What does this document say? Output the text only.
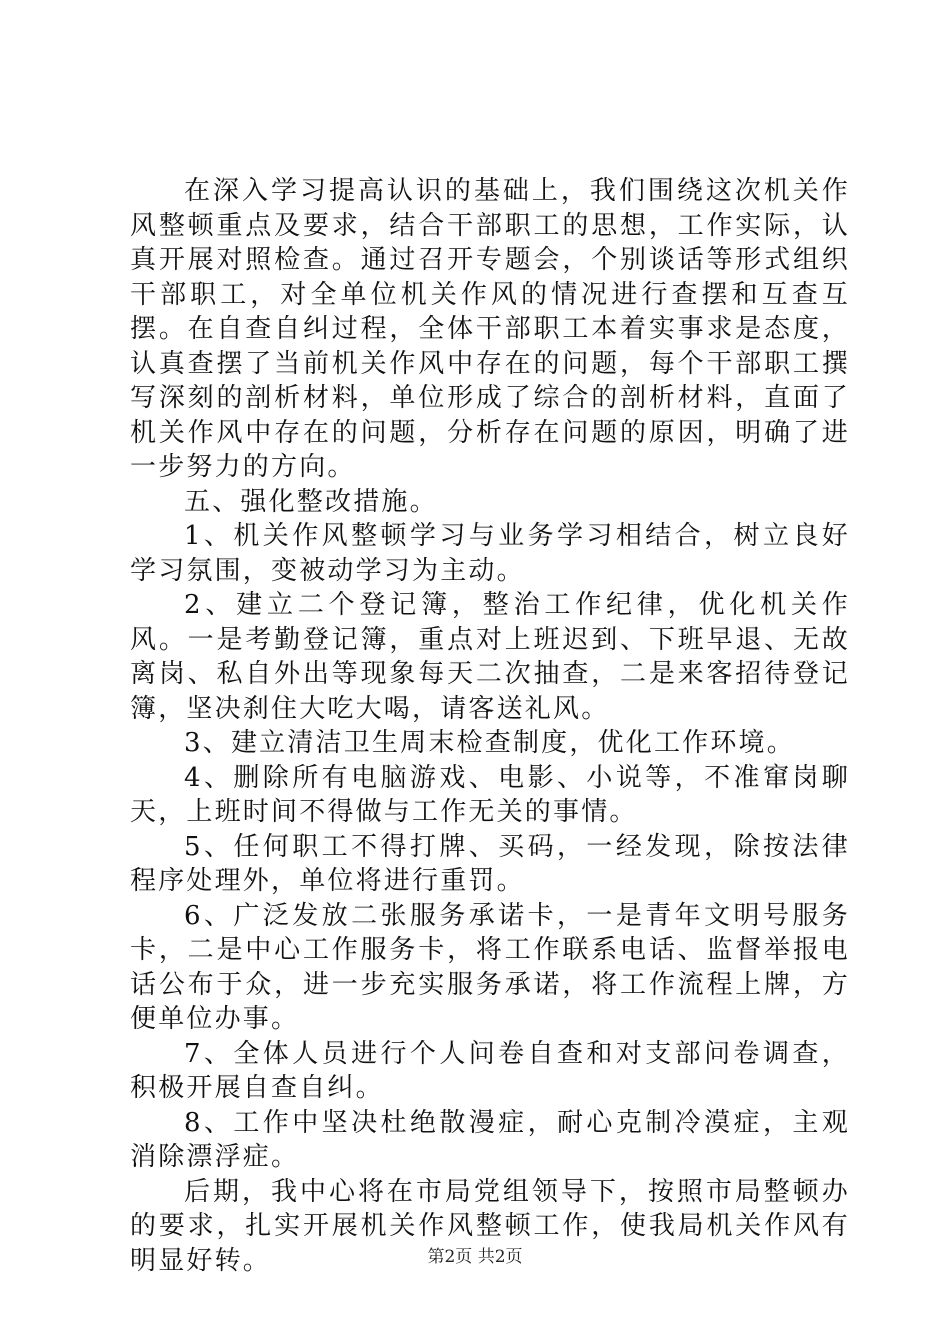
在深入学习提高认识的基础上，我们围绕这次机关作风整顿重点及要求，结合干部职工的思想，工作实际，认真开展对照检查。通过召开专题会，个别谈话等形式组织干部职工，对全单位机关作风的情况进行查摆和互查互摆。在自查自纠过程，全体干部职工本着实事求是态度，认真查摆了当前机关作风中存在的问题，每个干部职工撰写深刻的剖析材料，单位形成了综合的剖析材料，直面了机关作风中存在的问题，分析存在问题的原因，明确了进一步努力的方向。

五、强化整改措施。

1、机关作风整顿学习与业务学习相结合，树立良好学习氛围，变被动学习为主动。

2、建立二个登记簿，整治工作纪律，优化机关作风。一是考勤登记簿，重点对上班迟到、下班早退、无故离岗、私自外出等现象每天二次抽查，二是来客招待登记簿，坚决刹住大吃大喝，请客送礼风。

3、建立清洁卫生周末检查制度，优化工作环境。

4、删除所有电脑游戏、电影、小说等，不准窜岗聊天，上班时间不得做与工作无关的事情。

5、任何职工不得打牌、买码，一经发现，除按法律程序处理外，单位将进行重罚。

6、广泛发放二张服务承诺卡，一是青年文明号服务卡，二是中心工作服务卡，将工作联系电话、监督举报电话公布于众，进一步充实服务承诺，将工作流程上牌，方便单位办事。

7、全体人员进行个人问卷自查和对支部问卷调查，积极开展自查自纠。

8、工作中坚决杜绝散漫症，耐心克制冷漠症，主观消除漂浮症。

后期，我中心将在市局党组领导下，按照市局整顿办的要求，扎实开展机关作风整顿工作，使我局机关作风有明显好转。	第2页 共2页
